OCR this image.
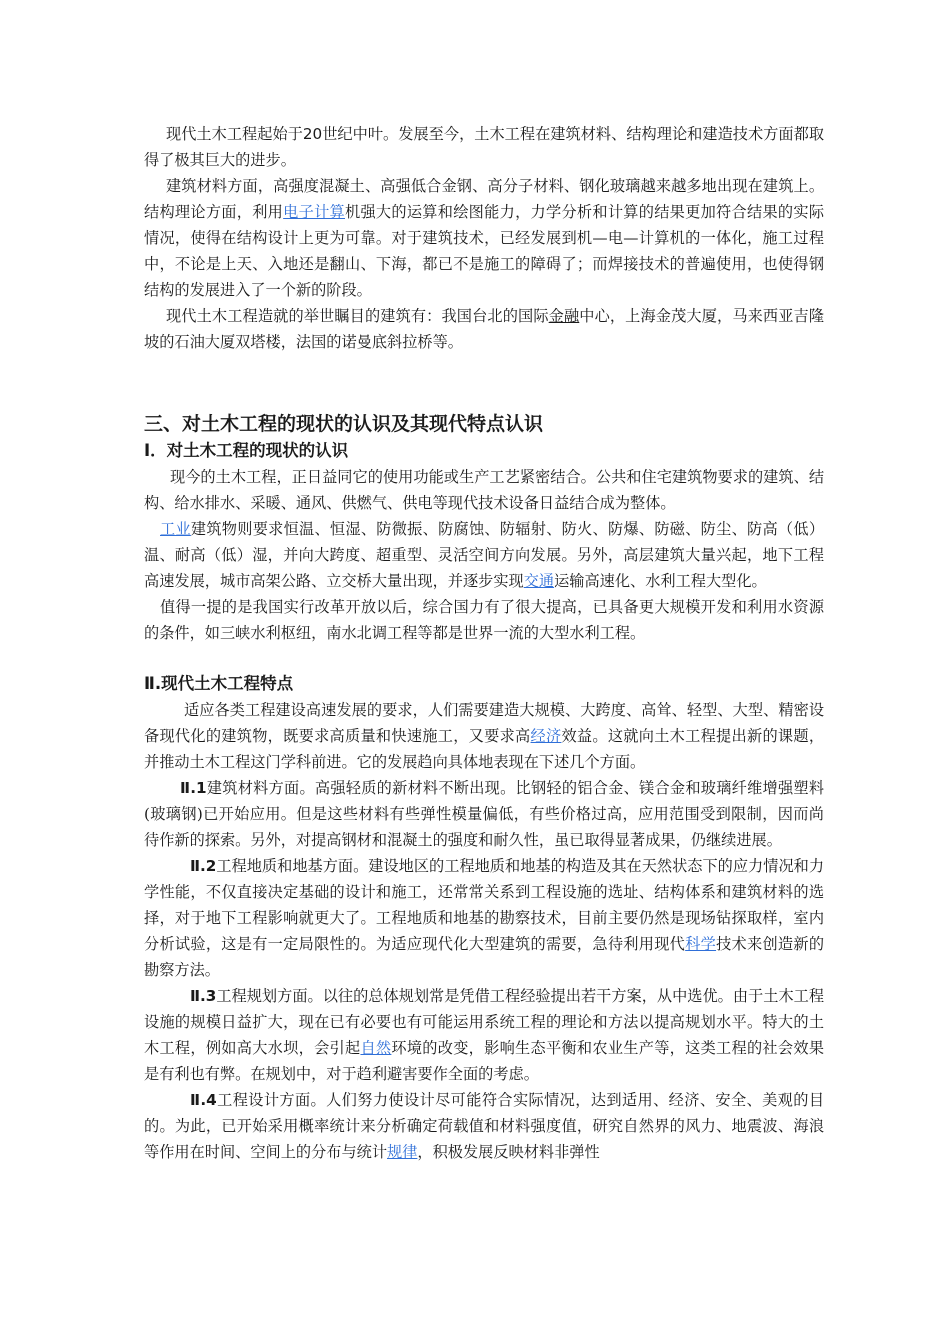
现代土木工程起始于20世纪中叶。发展至今，土木工程在建筑材料、结构理论和建造技术方面都取得了极其巨大的进步。

建筑材料方面，高强度混凝土、高强低合金钢、高分子材料、钢化玻璃越来越多地出现在建筑上。结构理论方面，利用电子计算机强大的运算和绘图能力，力学分析和计算的结果更加符合结果的实际情况，使得在结构设计上更为可靠。对于建筑技术，已经发展到机—电—计算机的一体化，施工过程中，不论是上天、入地还是翻山、下海，都已不是施工的障碍了；而焊接技术的普遍使用，也使得钢结构的发展进入了一个新的阶段。

现代土木工程造就的举世瞩目的建筑有：我国台北的国际金融中心，上海金茂大厦，马来西亚吉隆坡的石油大厦双塔楼，法国的诺曼底斜拉桥等。

三、对土木工程的现状的认识及其现代特点认识
Ⅰ．对土木工程的现状的认识

现今的土木工程，正日益同它的使用功能或生产工艺紧密结合。公共和住宅建筑物要求的建筑、结构、给水排水、采暖、通风、供燃气、供电等现代技术设备日益结合成为整体。

工业建筑物则要求恒温、恒湿、防微振、防腐蚀、防辐射、防火、防爆、防磁、防尘、防高（低）温、耐高（低）湿，并向大跨度、超重型、灵活空间方向发展。另外，高层建筑大量兴起，地下工程高速发展，城市高架公路、立交桥大量出现，并逐步实现交通运输高速化、水利工程大型化。

值得一提的是我国实行改革开放以后，综合国力有了很大提高，已具备更大规模开发和利用水资源的条件，如三峡水利枢纽，南水北调工程等都是世界一流的大型水利工程。

Ⅱ.现代土木工程特点

适应各类工程建设高速发展的要求，人们需要建造大规模、大跨度、高耸、轻型、大型、精密设备现代化的建筑物，既要求高质量和快速施工，又要求高经济效益。这就向土木工程提出新的课题，并推动土木工程这门学科前进。它的发展趋向具体地表现在下述几个方面。

Ⅱ.1建筑材料方面。高强轻质的新材料不断出现。比钢轻的铝合金、镁合金和玻璃纤维增强塑料(玻璃钢)已开始应用。但是这些材料有些弹性模量偏低，有些价格过高，应用范围受到限制，因而尚待作新的探索。另外，对提高钢材和混凝土的强度和耐久性，虽已取得显著成果，仍继续进展。

Ⅱ.2工程地质和地基方面。建设地区的工程地质和地基的构造及其在天然状态下的应力情况和力学性能，不仅直接决定基础的设计和施工，还常常关系到工程设施的选址、结构体系和建筑材料的选择，对于地下工程影响就更大了。工程地质和地基的勘察技术，目前主要仍然是现场钻探取样，室内分析试验，这是有一定局限性的。为适应现代化大型建筑的需要，急待利用现代科学技术来创造新的勘察方法。

Ⅱ.3工程规划方面。以往的总体规划常是凭借工程经验提出若干方案，从中选优。由于土木工程设施的规模日益扩大，现在已有必要也有可能运用系统工程的理论和方法以提高规划水平。特大的土木工程，例如高大水坝，会引起自然环境的改变，影响生态平衡和农业生产等，这类工程的社会效果是有利也有弊。在规划中，对于趋利避害要作全面的考虑。

Ⅱ.4工程设计方面。人们努力使设计尽可能符合实际情况，达到适用、经济、安全、美观的目的。为此，已开始采用概率统计来分析确定荷载值和材料强度值，研究自然界的风力、地震波、海浪等作用在时间、空间上的分布与统计规律，积极发展反映材料非弹性
